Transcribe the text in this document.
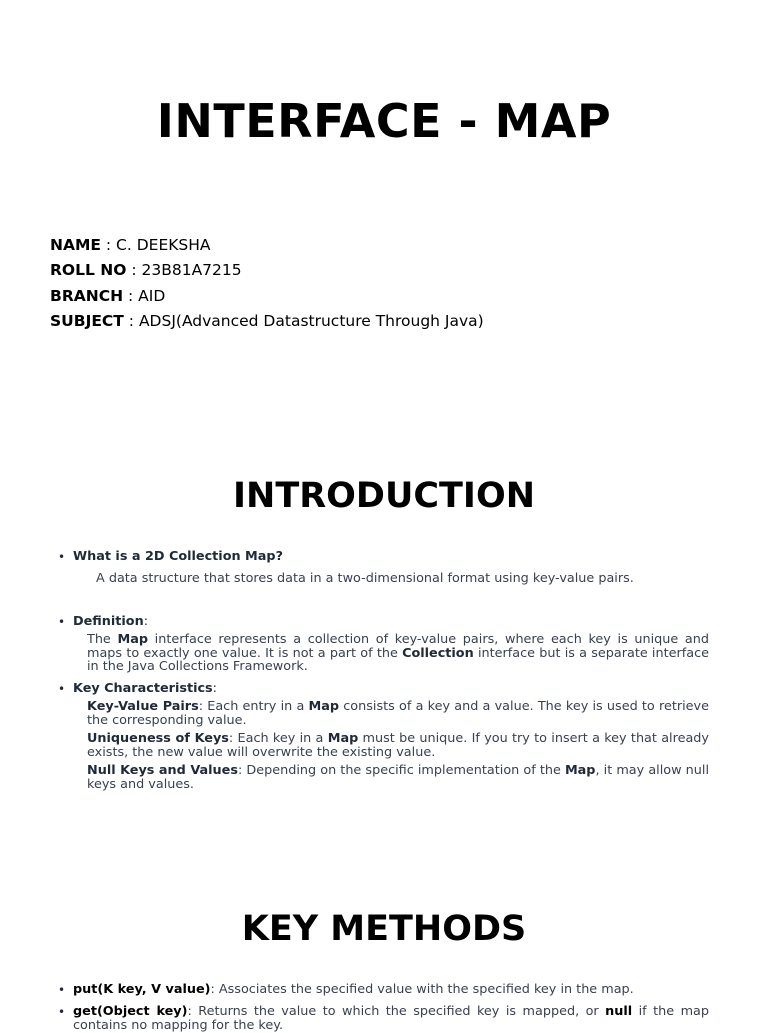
INTERFACE - MAP
NAME : C. DEEKSHA
ROLL NO : 23B81A7215
BRANCH : AID
SUBJECT : ADSJ(Advanced Datastructure Through Java)
INTRODUCTION
• What is a 2D Collection Map?
A data structure that stores data in a two-dimensional format using key-value pairs.
• Definition:
The Map interface represents a collection of key-value pairs, where each key is unique and maps to exactly one value. It is not a part of the Collection interface but is a separate interface in the Java Collections Framework.
• Key Characteristics:
Key-Value Pairs: Each entry in a Map consists of a key and a value. The key is used to retrieve the corresponding value.
Uniqueness of Keys: Each key in a Map must be unique. If you try to insert a key that already exists, the new value will overwrite the existing value.
Null Keys and Values: Depending on the specific implementation of the Map, it may allow null keys and values.
KEY METHODS
• put(K key, V value): Associates the specified value with the specified key in the map.
• get(Object key): Returns the value to which the specified key is mapped, or null if the map contains no mapping for the key.
